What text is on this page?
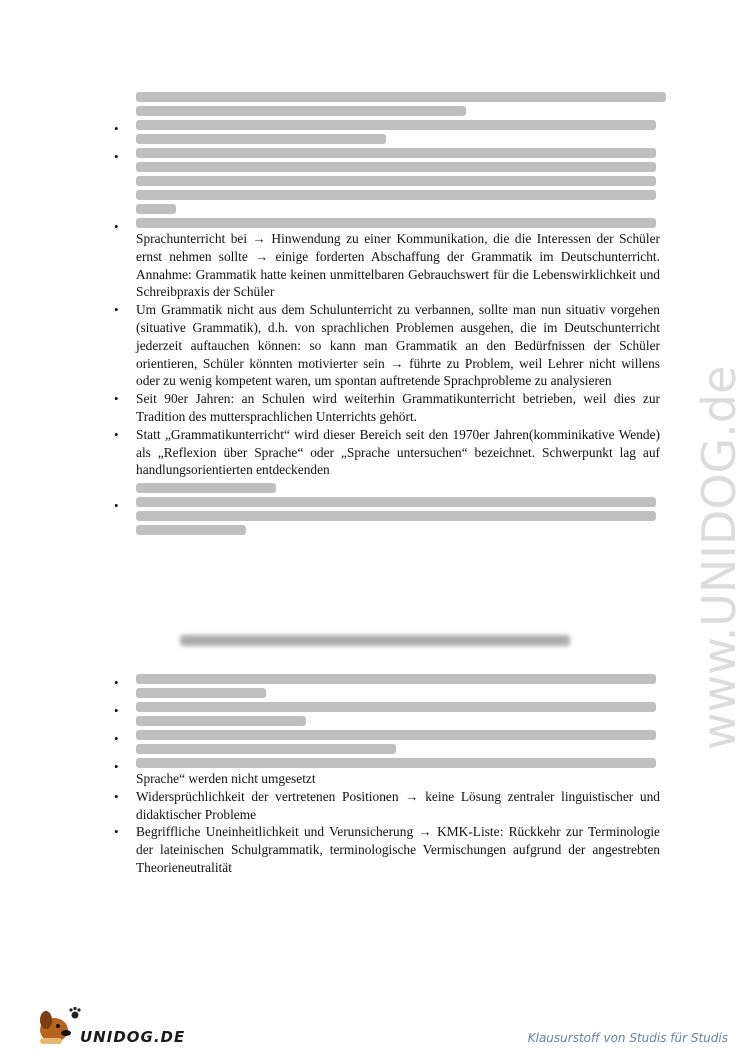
•
•
•
Sprachunterricht bei → Hinwendung zu einer Kommunikation, die die Interessen der Schüler ernst nehmen sollte → einige forderten Abschaffung der Grammatik im Deutschunterricht. Annahme: Grammatik hatte keinen unmittelbaren Gebrauchswert für die Lebenswirklichkeit und Schreibpraxis der Schüler
•	Um Grammatik nicht aus dem Schulunterricht zu verbannen, sollte man nun situativ vorgehen (situative Grammatik), d.h. von sprachlichen Problemen ausgehen, die im Deutschunterricht jederzeit auftauchen können: so kann man Grammatik an den Bedürfnissen der Schüler orientieren, Schüler könnten motivierter sein → führte zu Problem, weil Lehrer nicht willens oder zu wenig kompetent waren, um spontan auftretende Sprachprobleme zu analysieren
•	Seit 90er Jahren: an Schulen wird weiterhin Grammatikunterricht betrieben, weil dies zur Tradition des muttersprachlichen Unterrichts gehört.
•	Statt „Grammatikunterricht“ wird dieser Bereich seit den 1970er Jahren(komminikative Wende) als „Reflexion über Sprache“ oder „Sprache untersuchen“ bezeichnet. Schwerpunkt lag auf handlungsorientierten entdeckenden
•
•
•
•
•
Sprache“ werden nicht umgesetzt
•	Widersprüchlichkeit der vertretenen Positionen → keine Lösung zentraler linguistischer und didaktischer Probleme
•	Begriffliche Uneinheitlichkeit und Verunsicherung → KMK-Liste: Rückkehr zur Terminologie der lateinischen Schulgrammatik, terminologische Vermischungen aufgrund der angestrebten Theorieneutralität
www.UNIDOG.de
UNIDOG.DE	Klausurstoff von Studis für Studis
